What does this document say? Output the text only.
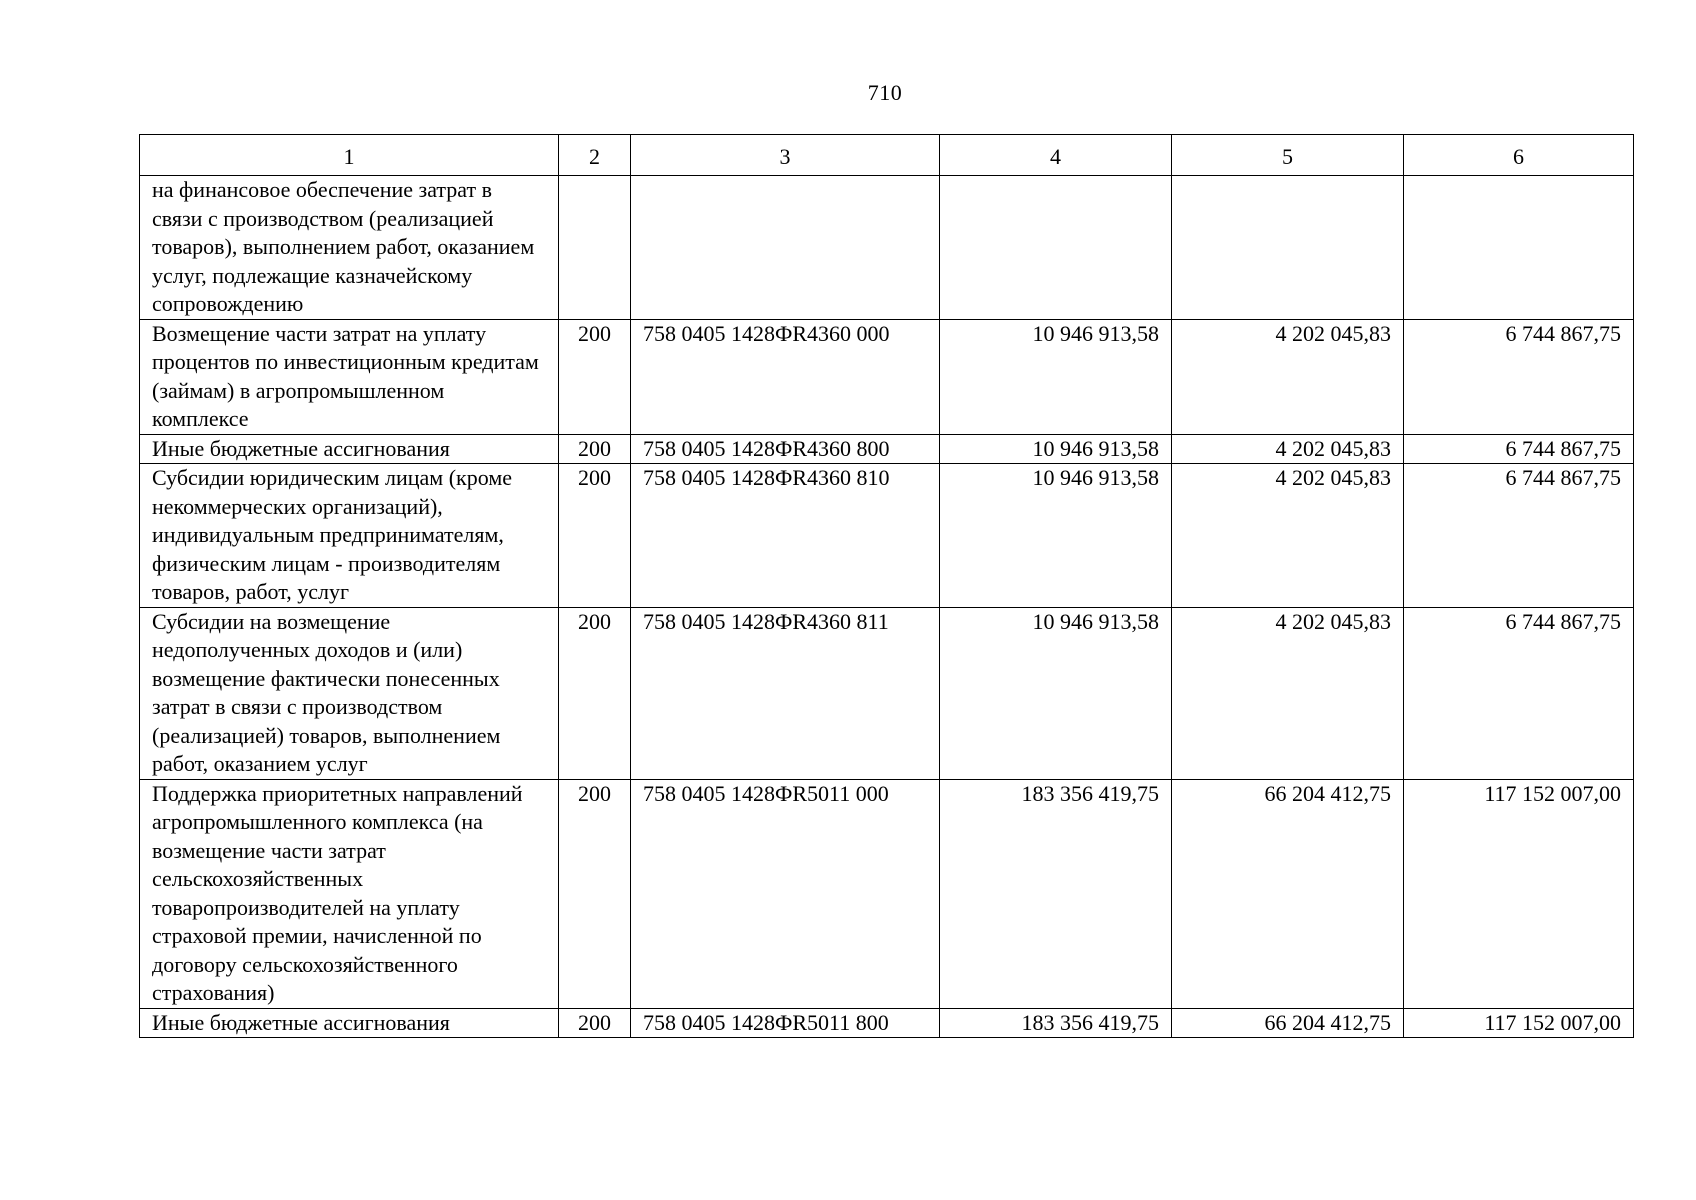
710
1	2	3	4	5	6
на финансовое обеспечение затрат в связи с производством (реализацией товаров), выполнением работ, оказанием услуг, подлежащие казначейскому сопровождению					
Возмещение части затрат на уплату процентов по инвестиционным кредитам (займам) в агропромышленном комплексе	200	758 0405 1428ФR4360 000	10 946 913,58	4 202 045,83	6 744 867,75
Иные бюджетные ассигнования	200	758 0405 1428ФR4360 800	10 946 913,58	4 202 045,83	6 744 867,75
Субсидии юридическим лицам (кроме некоммерческих организаций), индивидуальным предпринимателям, физическим лицам - производителям товаров, работ, услуг	200	758 0405 1428ФR4360 810	10 946 913,58	4 202 045,83	6 744 867,75
Субсидии на возмещение недополученных доходов и (или) возмещение фактически понесенных затрат в связи с производством (реализацией) товаров, выполнением работ, оказанием услуг	200	758 0405 1428ФR4360 811	10 946 913,58	4 202 045,83	6 744 867,75
Поддержка приоритетных направлений агропромышленного комплекса (на возмещение части затрат сельскохозяйственных товаропроизводителей на уплату страховой премии, начисленной по договору сельскохозяйственного страхования)	200	758 0405 1428ФR5011 000	183 356 419,75	66 204 412,75	117 152 007,00
Иные бюджетные ассигнования	200	758 0405 1428ФR5011 800	183 356 419,75	66 204 412,75	117 152 007,00
